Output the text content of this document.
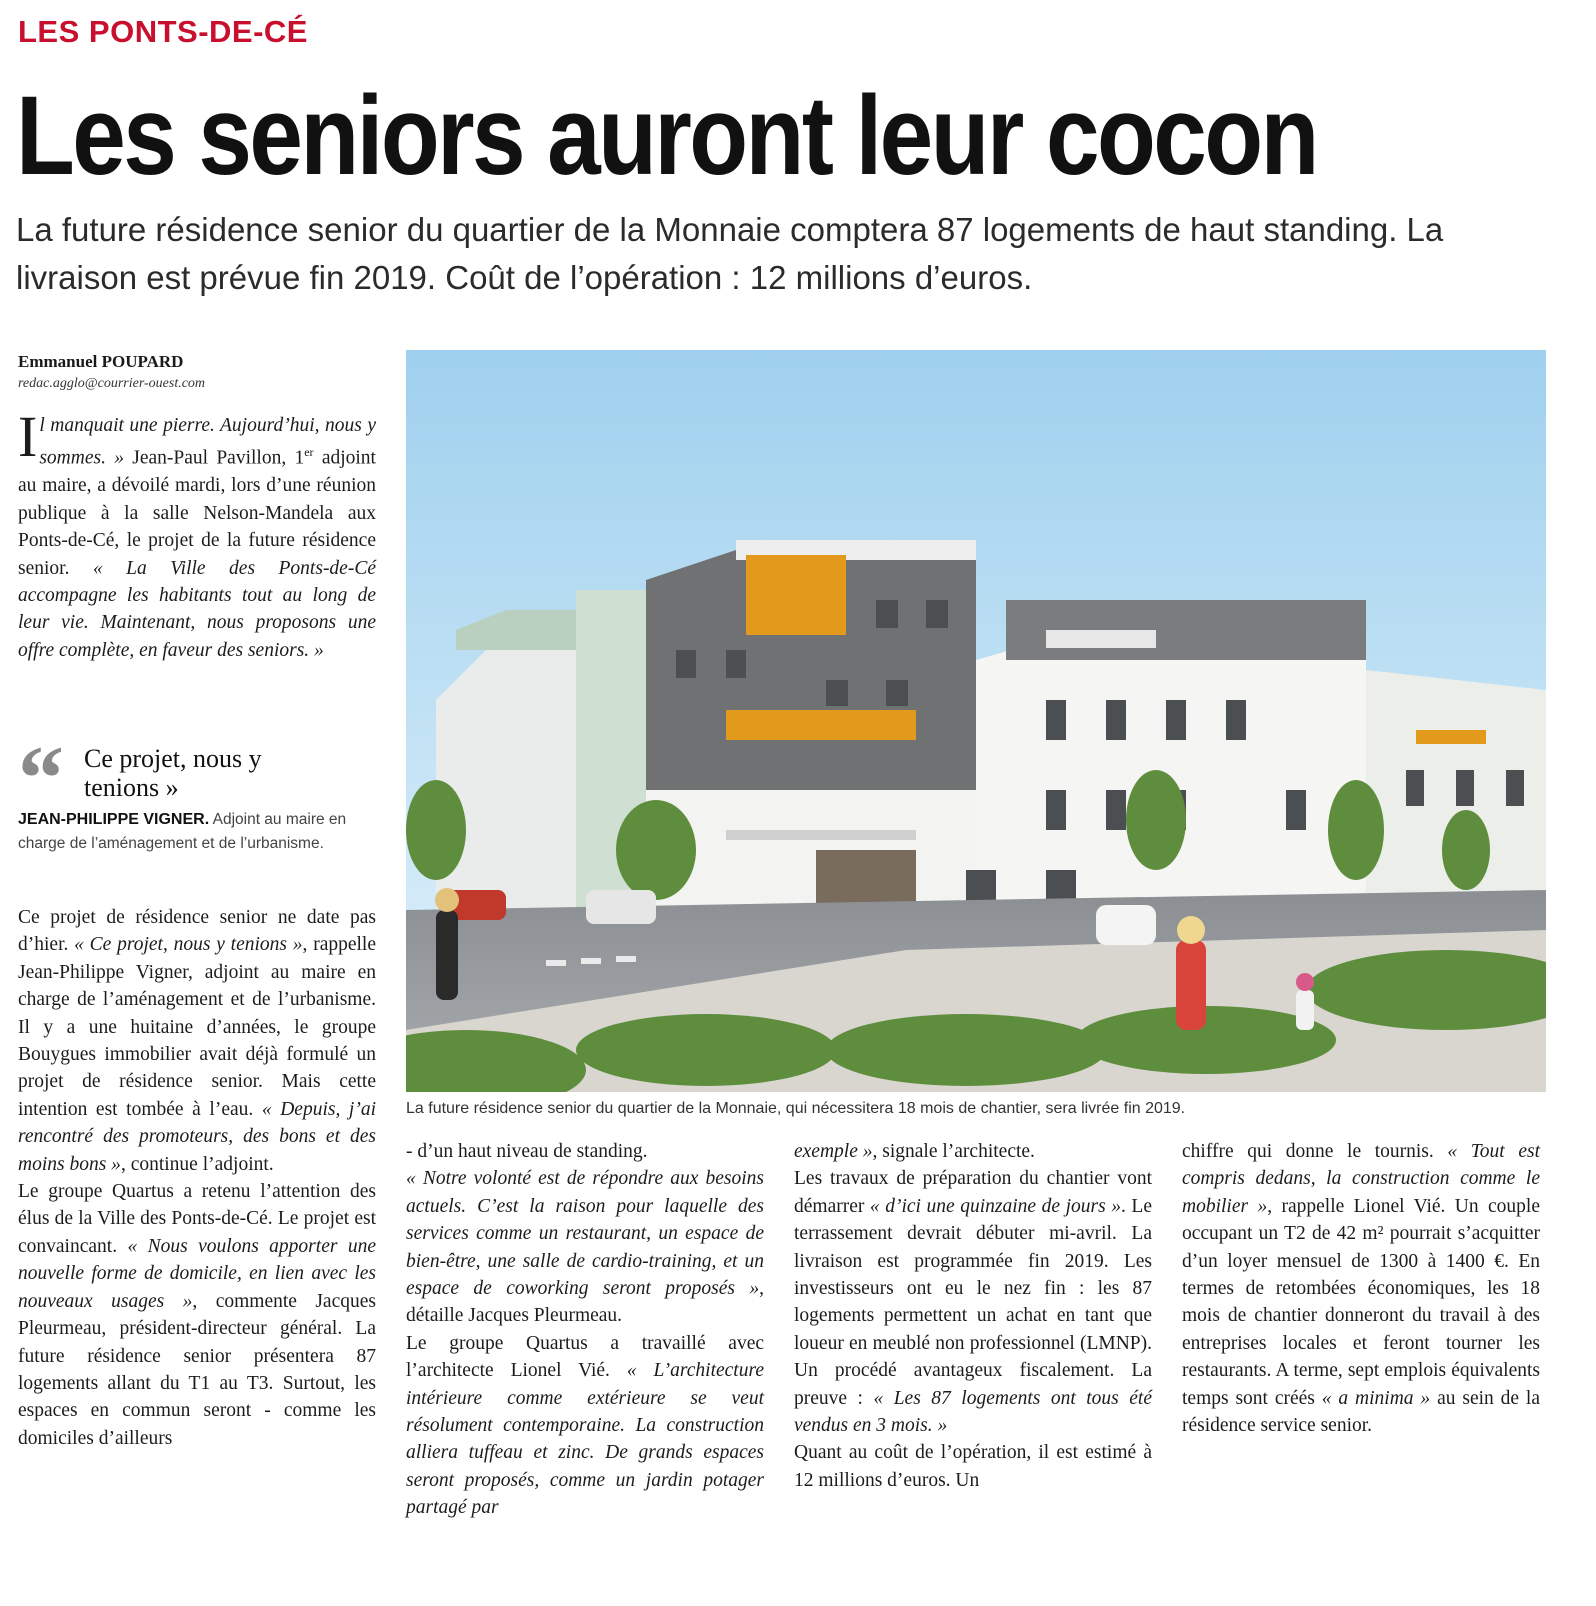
LES PONTS-DE-CÉ
Les seniors auront leur cocon
La future résidence senior du quartier de la Monnaie comptera 87 logements de haut standing. La livraison est prévue fin 2019. Coût de l’opération : 12 millions d’euros.
Emmanuel POUPARD
redac.agglo@courrier-ouest.com

Il manquait une pierre. Aujourd’hui, nous y sommes. » Jean-Paul Pavillon, 1er adjoint au maire, a dévoilé mardi, lors d’une réunion publique à la salle Nelson-Mandela aux Ponts-de-Cé, le projet de la future résidence senior. « La Ville des Ponts-de-Cé accompagne les habitants tout au long de leur vie. Maintenant, nous proposons une offre complète, en faveur des seniors. »

“ Ce projet, nous y tenions »
JEAN-PHILIPPE VIGNER. Adjoint au maire en charge de l’aménagement et de l’urbanisme.

Ce projet de résidence senior ne date pas d’hier. « Ce projet, nous y tenions », rappelle Jean-Philippe Vigner, adjoint au maire en charge de l’aménagement et de l’urbanisme. Il y a une huitaine d’années, le groupe Bouygues immobilier avait déjà formulé un projet de résidence senior. Mais cette intention est tombée à l’eau. « Depuis, j’ai rencontré des promoteurs, des bons et des moins bons », continue l’adjoint.

Le groupe Quartus a retenu l’attention des élus de la Ville des Ponts-de-Cé. Le projet est convaincant. « Nous voulons apporter une nouvelle forme de domicile, en lien avec les nouveaux usages », commente Jacques Pleurmeau, président-directeur général. La future résidence senior présentera 87 logements allant du T1 au T3. Surtout, les espaces en commun seront - comme les domiciles d’ailleurs

La future résidence senior du quartier de la Monnaie, qui nécessitera 18 mois de chantier, sera livrée fin 2019.

- d’un haut niveau de standing.
« Notre volonté est de répondre aux besoins actuels. C’est la raison pour laquelle des services comme un restaurant, un espace de bien-être, une salle de cardio-training, et un espace de coworking seront proposés », détaille Jacques Pleurmeau.

Le groupe Quartus a travaillé avec l’architecte Lionel Vié. « L’architecture intérieure comme extérieure se veut résolument contemporaine. La construction alliera tuffeau et zinc. De grands espaces seront proposés, comme un jardin potager partagé par

exemple », signale l’architecte.

Les travaux de préparation du chantier vont démarrer « d’ici une quinzaine de jours ». Le terrassement devrait débuter mi-avril. La livraison est programmée fin 2019. Les investisseurs ont eu le nez fin : les 87 logements permettent un achat en tant que loueur en meublé non professionnel (LMNP). Un procédé avantageux fiscalement. La preuve : « Les 87 logements ont tous été vendus en 3 mois. »

Quant au coût de l’opération, il est estimé à 12 millions d’euros. Un

chiffre qui donne le tournis. « Tout est compris dedans, la construction comme le mobilier », rappelle Lionel Vié. Un couple occupant un T2 de 42 m² pourrait s’acquitter d’un loyer mensuel de 1300 à 1400 €. En termes de retombées économiques, les 18 mois de chantier donneront du travail à des entreprises locales et feront tourner les restaurants. A terme, sept emplois équivalents temps sont créés « a minima » au sein de la résidence service senior.
